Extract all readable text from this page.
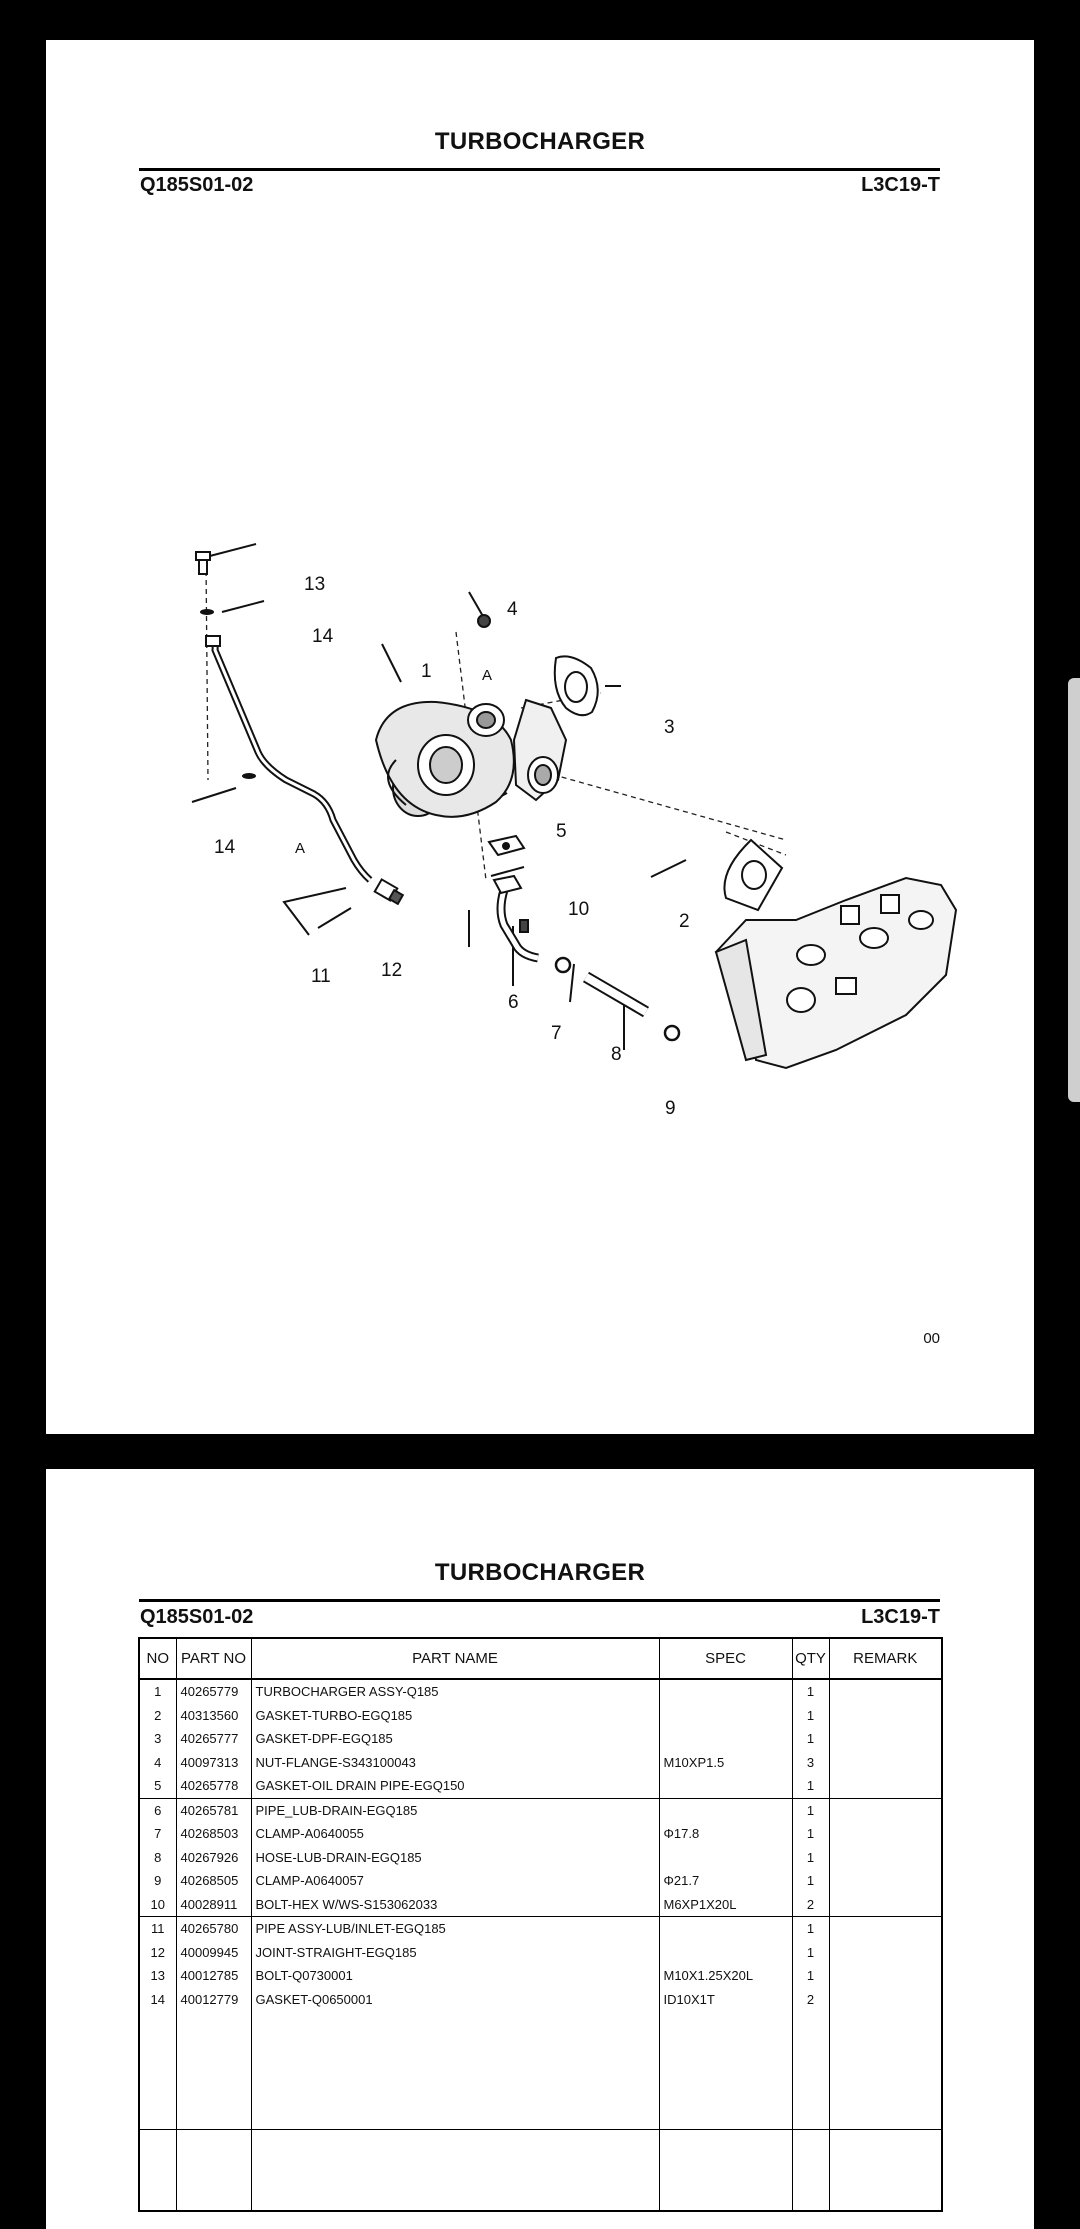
TURBOCHARGER
Q185S01-02	L3C19-T
13
14
4
1	A
3
14	A
5
10
2
11	12
6
7
8
9
00
TURBOCHARGER
Q185S01-02	L3C19-T
NO	PART NO	PART NAME	SPEC	QTY	REMARK
1	40265779	TURBOCHARGER ASSY-Q185		1	
2	40313560	GASKET-TURBO-EGQ185		1	
3	40265777	GASKET-DPF-EGQ185		1	
4	40097313	NUT-FLANGE-S343100043	M10XP1.5	3	
5	40265778	GASKET-OIL DRAIN PIPE-EGQ150		1	
6	40265781	PIPE_LUB-DRAIN-EGQ185		1	
7	40268503	CLAMP-A0640055	Φ17.8	1	
8	40267926	HOSE-LUB-DRAIN-EGQ185		1	
9	40268505	CLAMP-A0640057	Φ21.7	1	
10	40028911	BOLT-HEX W/WS-S153062033	M6XP1X20L	2	
11	40265780	PIPE ASSY-LUB/INLET-EGQ185		1	
12	40009945	JOINT-STRAIGHT-EGQ185		1	
13	40012785	BOLT-Q0730001	M10X1.25X20L	1	
14	40012779	GASKET-Q0650001	ID10X1T	2	
